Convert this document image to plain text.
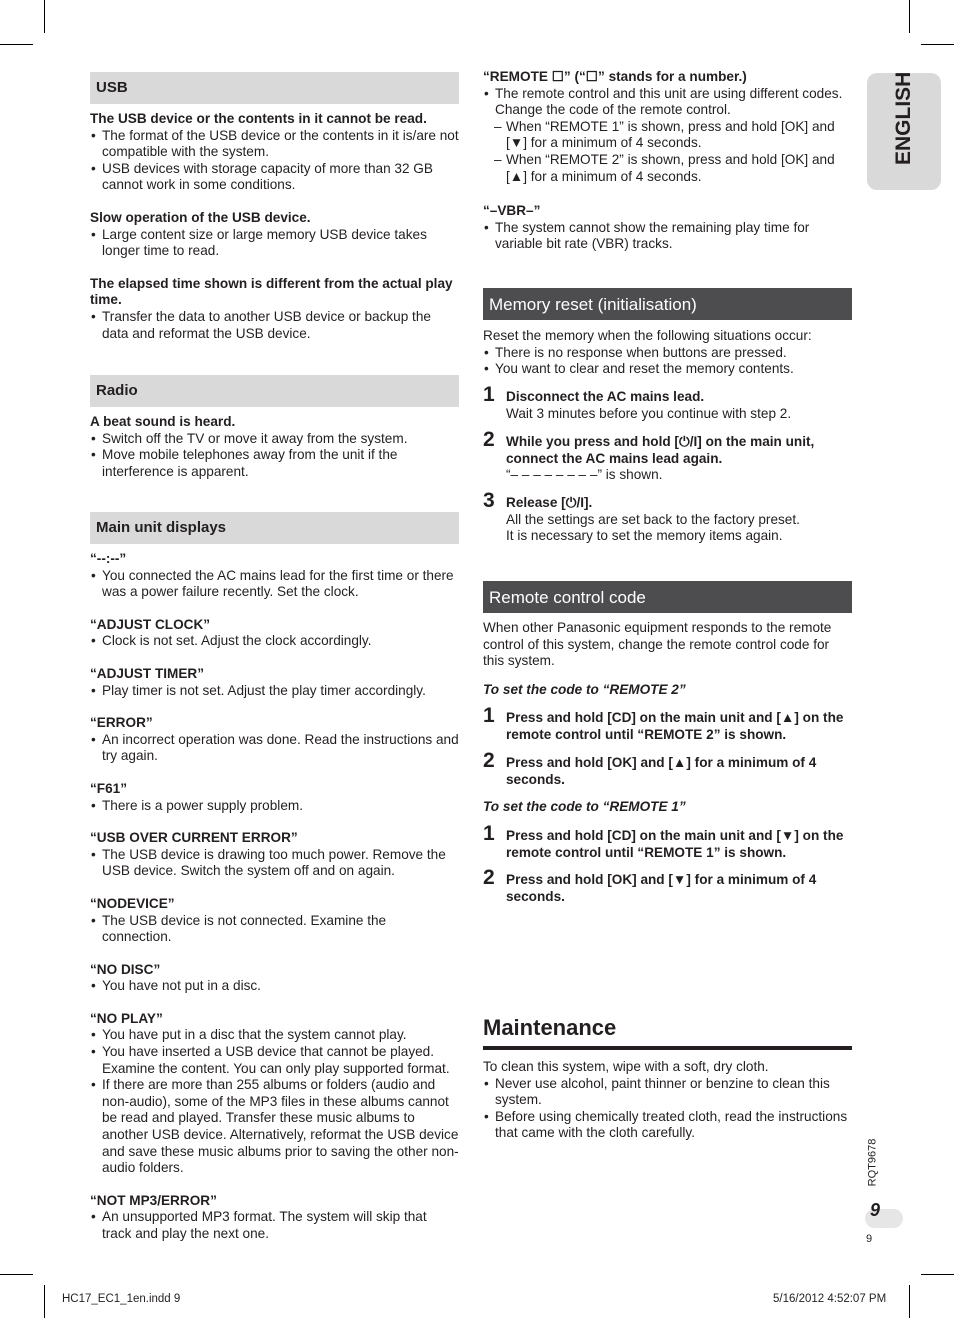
USB
The USB device or the contents in it cannot be read.
• The format of the USB device or the contents in it is/are not compatible with the system.
• USB devices with storage capacity of more than 32 GB cannot work in some conditions.
Slow operation of the USB device.
• Large content size or large memory USB device takes longer time to read.
The elapsed time shown is different from the actual play time.
• Transfer the data to another USB device or backup the data and reformat the USB device.
Radio
A beat sound is heard.
• Switch off the TV or move it away from the system.
• Move mobile telephones away from the unit if the interference is apparent.
Main unit displays
“--:--”
• You connected the AC mains lead for the first time or there was a power failure recently. Set the clock.
“ADJUST CLOCK”
• Clock is not set. Adjust the clock accordingly.
“ADJUST TIMER”
• Play timer is not set. Adjust the play timer accordingly.
“ERROR”
• An incorrect operation was done. Read the instructions and try again.
“F61”
• There is a power supply problem.
“USB OVER CURRENT ERROR”
• The USB device is drawing too much power. Remove the USB device. Switch the system off and on again.
“NODEVICE”
• The USB device is not connected. Examine the connection.
“NO DISC”
• You have not put in a disc.
“NO PLAY”
• You have put in a disc that the system cannot play.
• You have inserted a USB device that cannot be played. Examine the content. You can only play supported format.
• If there are more than 255 albums or folders (audio and non-audio), some of the MP3 files in these albums cannot be read and played. Transfer these music albums to another USB device. Alternatively, reformat the USB device and save these music albums prior to saving the other non-audio folders.
“NOT MP3/ERROR”
• An unsupported MP3 format. The system will skip that track and play the next one.
“REMOTE ☐” (“☐” stands for a number.)
• The remote control and this unit are using different codes. Change the code of the remote control.
– When “REMOTE 1” is shown, press and hold [OK] and [▼] for a minimum of 4 seconds.
– When “REMOTE 2” is shown, press and hold [OK] and [▲] for a minimum of 4 seconds.
“–VBR–”
• The system cannot show the remaining play time for variable bit rate (VBR) tracks.
Memory reset (initialisation)
Reset the memory when the following situations occur:
• There is no response when buttons are pressed.
• You want to clear and reset the memory contents.
1 Disconnect the AC mains lead.
Wait 3 minutes before you continue with step 2.
2 While you press and hold [⏻/I] on the main unit, connect the AC mains lead again.
“– – – – – – – –” is shown.
3 Release [⏻/I].
All the settings are set back to the factory preset.
It is necessary to set the memory items again.
Remote control code
When other Panasonic equipment responds to the remote control of this system, change the remote control code for this system.
To set the code to “REMOTE 2”
1 Press and hold [CD] on the main unit and [▲] on the remote control until “REMOTE 2” is shown.
2 Press and hold [OK] and [▲] for a minimum of 4 seconds.
To set the code to “REMOTE 1”
1 Press and hold [CD] on the main unit and [▼] on the remote control until “REMOTE 1” is shown.
2 Press and hold [OK] and [▼] for a minimum of 4 seconds.
Maintenance
To clean this system, wipe with a soft, dry cloth.
• Never use alcohol, paint thinner or benzine to clean this system.
• Before using chemically treated cloth, read the instructions that came with the cloth carefully.
ENGLISH
RQT9678
9
9
HC17_EC1_1en.indd 9	5/16/2012 4:52:07 PM
